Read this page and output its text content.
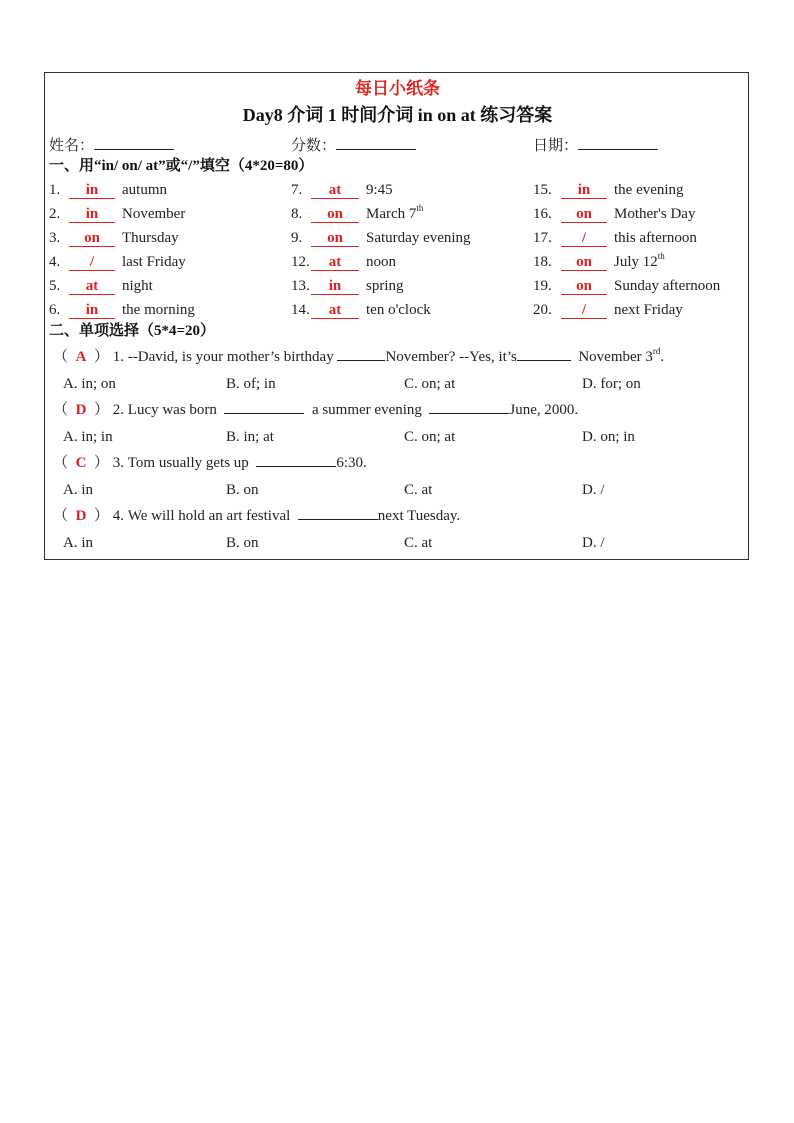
每日小纸条
Day8 介词 1 时间介词 in on at 练习答案
姓名：	分数：	日期：
一、用“in/ on/ at”或“/”填空（4*20=80）
1. in autumn
2. in November
3. on Thursday
4. / last Friday
5. at night
6. in the morning
7. at 9:45
8. on March 7th
9. on Saturday evening
12. at noon
13. in spring
14. at ten o'clock
15. in the evening
16. on Mother's Day
17. / this afternoon
18. on July 12th
19. on Sunday afternoon
20. / next Friday
二、单项选择（5*4=20）
（ A ） 1. --David, is your mother’s birthday	November? --Yes, it’s	November 3rd.
A. in; on	B. of; in	C. on; at	D. for; on
（ D ） 2. Lucy was born	a summer evening	June, 2000.
A. in; in	B. in; at	C. on; at	D. on; in
（ C ） 3. Tom usually gets up	6:30.
A. in	B. on	C. at	D. /
（ D ） 4. We will hold an art festival	next Tuesday.
A. in	B. on	C. at	D. /
